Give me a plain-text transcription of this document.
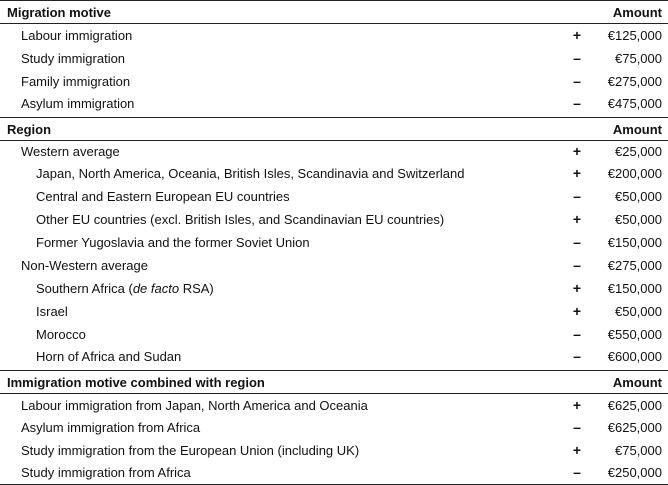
Migration motive	Amount
Labour immigration	+	€125,000
Study immigration	–	€75,000
Family immigration	–	€275,000
Asylum immigration	–	€475,000
Region	Amount
Western average	+	€25,000
Japan, North America, Oceania, British Isles, Scandinavia and Switzerland	+	€200,000
Central and Eastern European EU countries	–	€50,000
Other EU countries (excl. British Isles, and Scandinavian EU countries)	+	€50,000
Former Yugoslavia and the former Soviet Union	–	€150,000
Non-Western average	–	€275,000
Southern Africa (de facto RSA)	+	€150,000
Israel	+	€50,000
Morocco	–	€550,000
Horn of Africa and Sudan	–	€600,000
Immigration motive combined with region	Amount
Labour immigration from Japan, North America and Oceania	+	€625,000
Asylum immigration from Africa	–	€625,000
Study immigration from the European Union (including UK)	+	€75,000
Study immigration from Africa	–	€250,000
